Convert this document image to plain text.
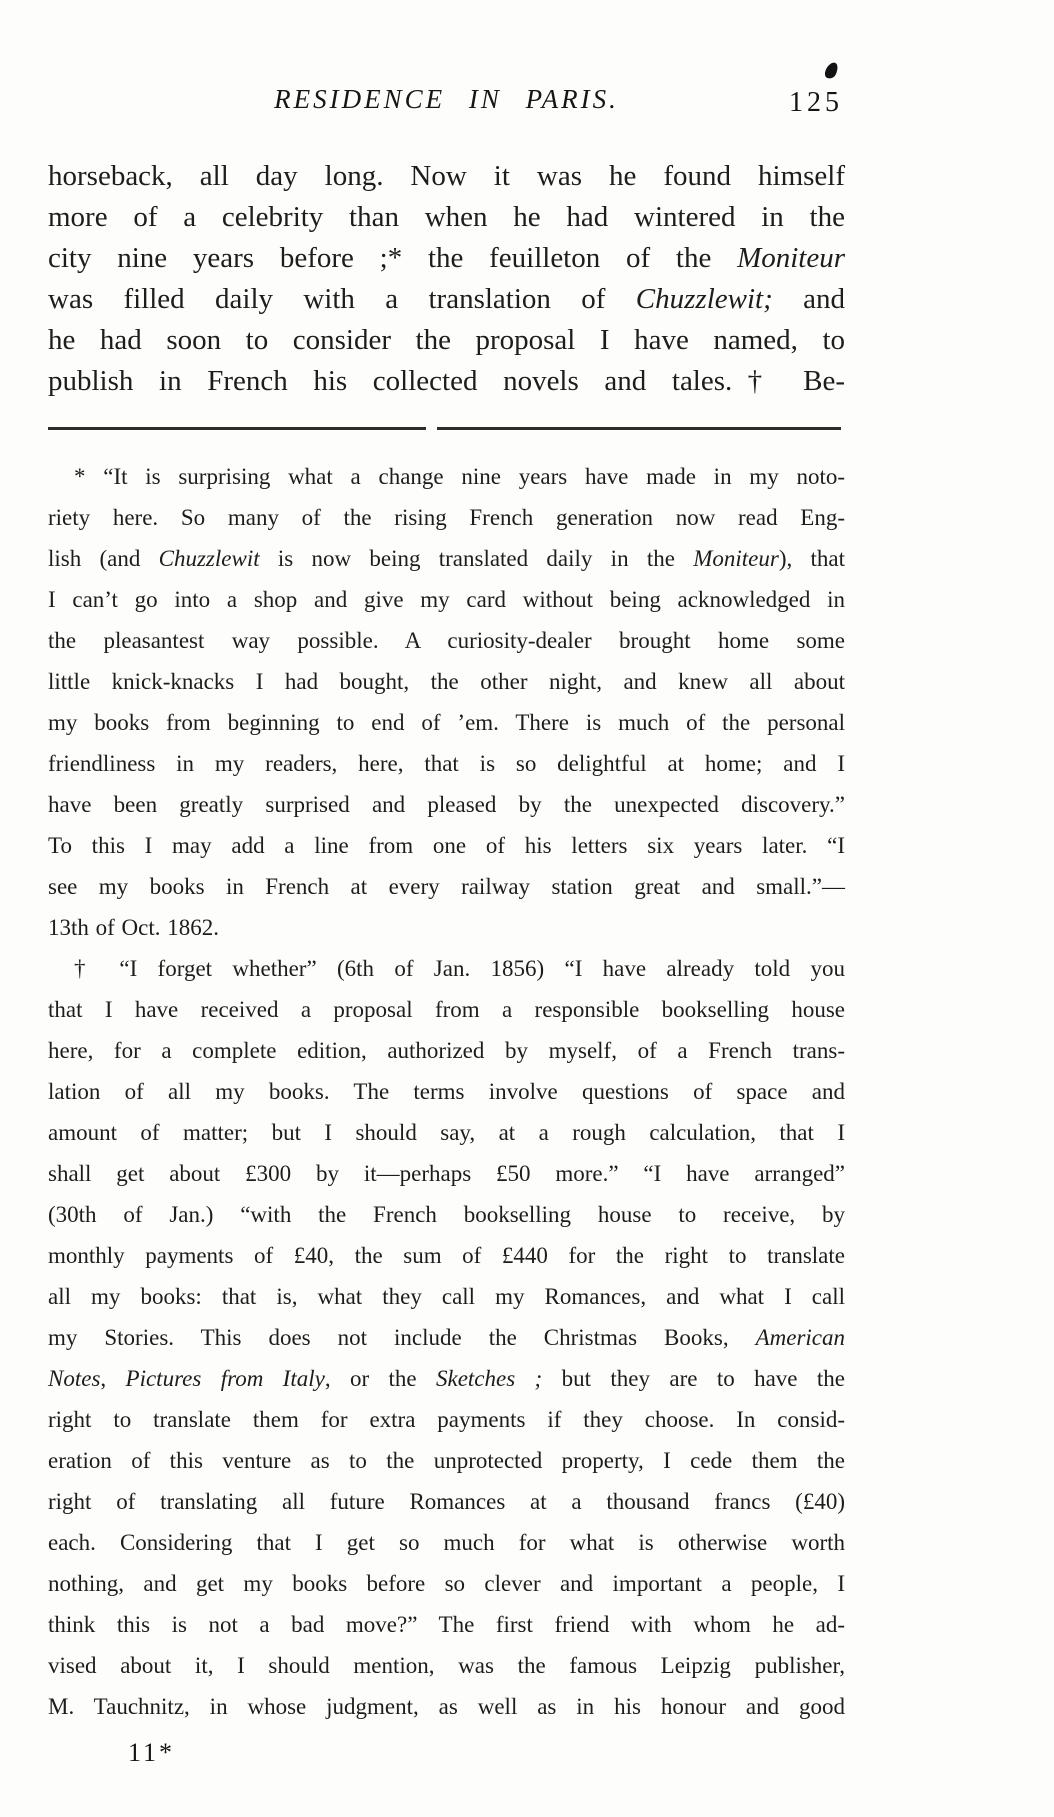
RESIDENCE IN PARIS.	125
horseback, all day long. Now it was he found himself
more of a celebrity than when he had wintered in the
city nine years before ;* the feuilleton of the Moniteur
was filled daily with a translation of Chuzzlewit; and
he had soon to consider the proposal I have named, to
publish in French his collected novels and tales.† Be-
* “It is surprising what a change nine years have made in my noto-
riety here. So many of the rising French generation now read Eng-
lish (and Chuzzlewit is now being translated daily in the Moniteur), that
I can’t go into a shop and give my card without being acknowledged in
the pleasantest way possible. A curiosity-dealer brought home some
little knick-knacks I had bought, the other night, and knew all about
my books from beginning to end of ’em. There is much of the personal
friendliness in my readers, here, that is so delightful at home; and I
have been greatly surprised and pleased by the unexpected discovery.”
To this I may add a line from one of his letters six years later. “I
see my books in French at every railway station great and small.”—
13th of Oct. 1862.
† “I forget whether” (6th of Jan. 1856) “I have already told you
that I have received a proposal from a responsible bookselling house
here, for a complete edition, authorized by myself, of a French trans-
lation of all my books. The terms involve questions of space and
amount of matter; but I should say, at a rough calculation, that I
shall get about £300 by it—perhaps £50 more.” “I have arranged”
(30th of Jan.) “with the French bookselling house to receive, by
monthly payments of £40, the sum of £440 for the right to translate
all my books: that is, what they call my Romances, and what I call
my Stories. This does not include the Christmas Books, American
Notes, Pictures from Italy, or the Sketches ; but they are to have the
right to translate them for extra payments if they choose. In consid-
eration of this venture as to the unprotected property, I cede them the
right of translating all future Romances at a thousand francs (£40)
each. Considering that I get so much for what is otherwise worth
nothing, and get my books before so clever and important a people, I
think this is not a bad move?” The first friend with whom he ad-
vised about it, I should mention, was the famous Leipzig publisher,
M. Tauchnitz, in whose judgment, as well as in his honour and good
11*
